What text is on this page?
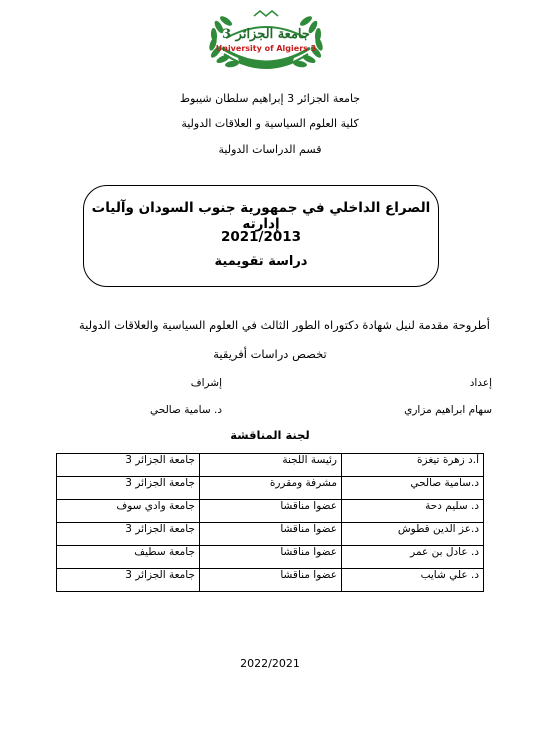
جامعة الجزائر 3
University of Algiers 3
جامعة الجزائر 3 إبراهيم سلطان شيبوط
كلية العلوم السياسية و العلاقات الدولية
قسم الدراسات الدولية
الصراع الداخلي في جمهورية جنوب السودان وآليات إدارته
2021/2013
دراسة تقويمية
أطروحة مقدمة لنيل شهادة دكتوراه الطور الثالث في العلوم السياسية والعلاقات الدولية
تخصص دراسات أفريقية
إعداد
إشراف
سهام ابراهيم مزاري
د. سامية صالحي
لجنة المناقشة
أ.د زهرة تيغزة	رئيسة اللجنة	جامعة الجزائر 3
د.سامية صالحي	مشرفة ومقررة	جامعة الجزائر 3
د. سليم دحة	عضوا مناقشا	جامعة وادي سوف
د.عز الدين قطوش	عضوا مناقشا	جامعة الجزائر 3
د. عادل بن عمر	عضوا مناقشا	جامعة سطيف
د. علي شايب	عضوا مناقشا	جامعة الجزائر 3
2022/2021
